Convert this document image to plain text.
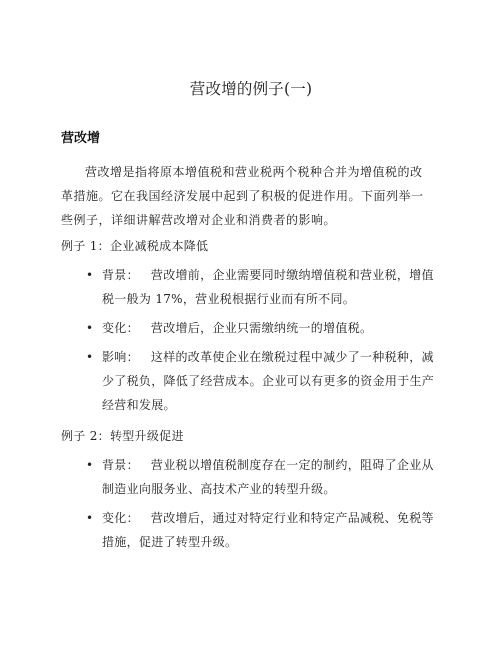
营改增的例子(一)
营改增

营改增是指将原本增值税和营业税两个税种合并为增值税的改革措施。它在我国经济发展中起到了积极的促进作用。下面列举一些例子，详细讲解营改增对企业和消费者的影响。

例子 1：企业减税成本降低
• 背景： 营改增前，企业需要同时缴纳增值税和营业税，增值税一般为 17%，营业税根据行业而有所不同。
• 变化： 营改增后，企业只需缴纳统一的增值税。
• 影响： 这样的改革使企业在缴税过程中减少了一种税种，减少了税负，降低了经营成本。企业可以有更多的资金用于生产经营和发展。
例子 2：转型升级促进
• 背景： 营业税以增值税制度存在一定的制约，阻碍了企业从制造业向服务业、高技术产业的转型升级。
• 变化： 营改增后，通过对特定行业和特定产品减税、免税等措施，促进了转型升级。
